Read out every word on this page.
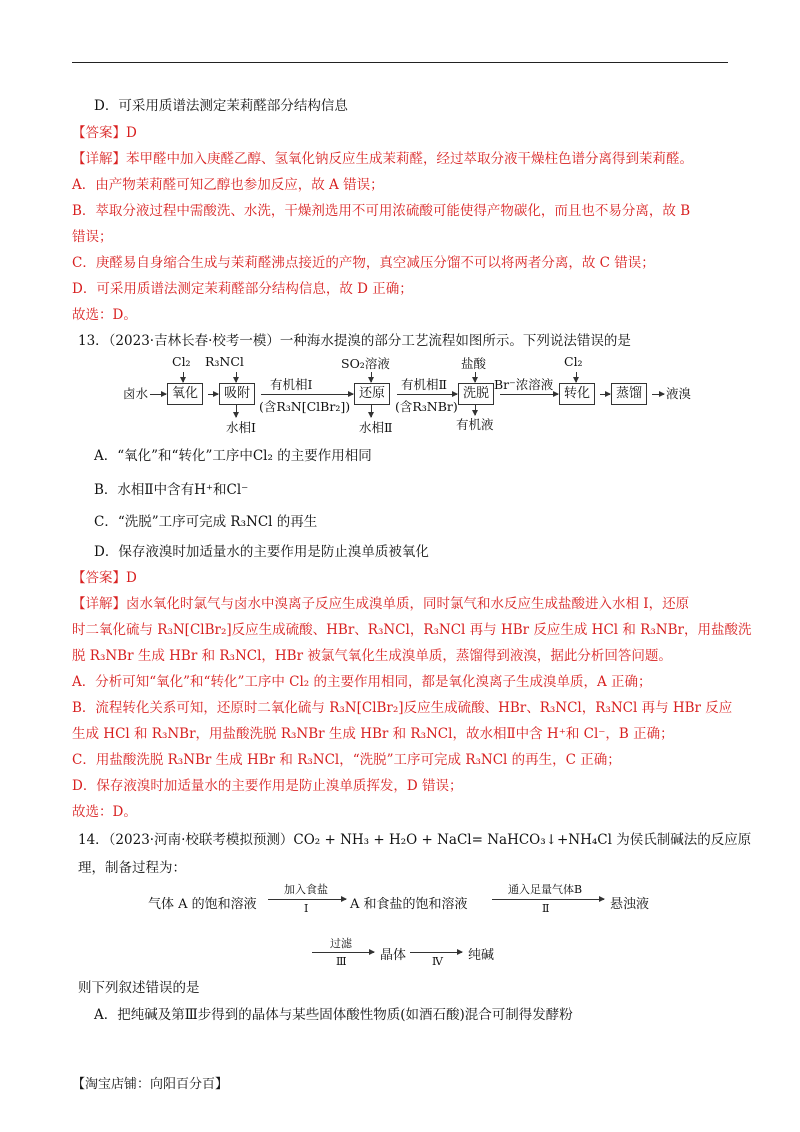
D．可采用质谱法测定茉莉醛部分结构信息
【答案】D
【详解】苯甲醛中加入庚醛乙醇、氢氧化钠反应生成茉莉醛，经过萃取分液干燥柱色谱分离得到茉莉醛。
A．由产物茉莉醛可知乙醇也参加反应，故 A 错误；
B．萃取分液过程中需酸洗、水洗，干燥剂选用不可用浓硫酸可能使得产物碳化，而且也不易分离，故 B
错误；
C．庚醛易自身缩合生成与茉莉醛沸点接近的产物，真空减压分馏不可以将两者分离，故 C 错误；
D．可采用质谱法测定茉莉醛部分结构信息，故 D 正确；
故选：D。
13．（2023·吉林长春·校考一模）一种海水提溴的部分工艺流程如图所示。下列说法错误的是
卤水	氧化
Cl₂
吸附
R₃NCl
水相Ⅰ
有机相Ⅰ
(含R₃N[ClBr₂])
还原
SO₂溶液
水相Ⅱ
有机相Ⅱ
(含R₃NBr)
洗脱
盐酸
有机液
Br⁻浓溶液
转化
Cl₂
蒸馏	液溴
A．“氧化”和“转化”工序中Cl₂ 的主要作用相同
B．水相Ⅱ中含有H⁺和Cl⁻
C．“洗脱”工序可完成 R₃NCl 的再生
D．保存液溴时加适量水的主要作用是防止溴单质被氧化
【答案】D
【详解】卤水氧化时氯气与卤水中溴离子反应生成溴单质，同时氯气和水反应生成盐酸进入水相 I，还原
时二氧化硫与 R₃N[ClBr₂]反应生成硫酸、HBr、R₃NCl，R₃NCl 再与 HBr 反应生成 HCl 和 R₃NBr，用盐酸洗
脱 R₃NBr 生成 HBr 和 R₃NCl，HBr 被氯气氧化生成溴单质，蒸馏得到液溴，据此分析回答问题。
A．分析可知“氧化”和“转化”工序中 Cl₂ 的主要作用相同，都是氧化溴离子生成溴单质，A 正确；
B．流程转化关系可知，还原时二氧化硫与 R₃N[ClBr₂]反应生成硫酸、HBr、R₃NCl，R₃NCl 再与 HBr 反应
生成 HCl 和 R₃NBr，用盐酸洗脱 R₃NBr 生成 HBr 和 R₃NCl，故水相Ⅱ中含 H⁺和 Cl⁻，B 正确；
C．用盐酸洗脱 R₃NBr 生成 HBr 和 R₃NCl，“洗脱”工序可完成 R₃NCl 的再生，C 正确；
D．保存液溴时加适量水的主要作用是防止溴单质挥发，D 错误；
故选：D。
14．（2023·河南·校联考模拟预测）CO₂ + NH₃ + H₂O + NaCl= NaHCO₃↓+NH₄Cl 为侯氏制碱法的反应原
理，制备过程为：
气体 A 的饱和溶液
加入食盐
Ⅰ	A 和食盐的饱和溶液
通入足量气体B
Ⅱ	悬浊液
过滤
Ⅲ	晶体 Ⅳ 纯碱
则下列叙述错误的是
A．把纯碱及第Ⅲ步得到的晶体与某些固体酸性物质(如酒石酸)混合可制得发酵粉
【淘宝店铺：向阳百分百】
